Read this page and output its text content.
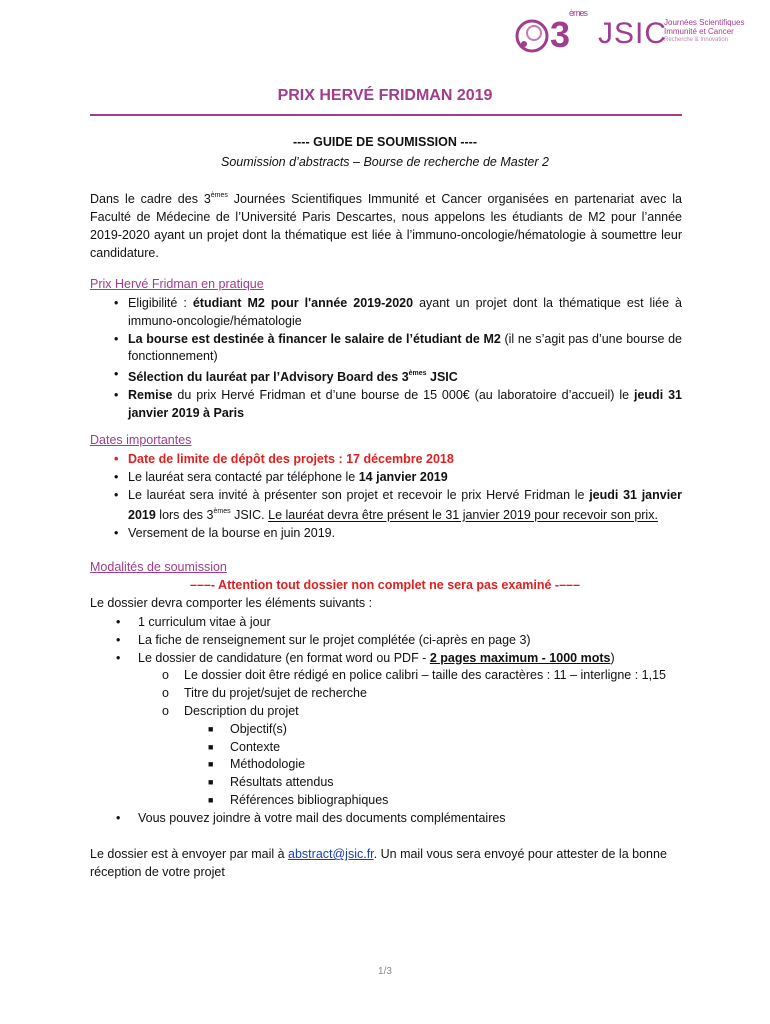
3èmes
JSIC
Journées Scientifiques
Immunité et Cancer
Recherche & Innovation
PRIX HERVÉ FRIDMAN 2019
---- GUIDE DE SOUMISSION ----
Soumission d’abstracts – Bourse de recherche de Master 2
Dans le cadre des 3èmes Journées Scientifiques Immunité et Cancer organisées en partenariat avec la Faculté de Médecine de l’Université Paris Descartes, nous appelons les étudiants de M2 pour l’année 2019-2020 ayant un projet dont la thématique est liée à l’immuno-oncologie/hématologie à soumettre leur candidature.
Prix Hervé Fridman en pratique
• Eligibilité : étudiant M2 pour l'année 2019-2020 ayant un projet dont la thématique est liée à immuno-oncologie/hématologie
• La bourse est destinée à financer le salaire de l’étudiant de M2 (il ne s’agit pas d’une bourse de fonctionnement)
• Sélection du lauréat par l’Advisory Board des 3èmes JSIC
• Remise du prix Hervé Fridman et d’une bourse de 15 000€ (au laboratoire d’accueil) le jeudi 31 janvier 2019 à Paris
Dates importantes
• Date de limite de dépôt des projets : 17 décembre 2018
• Le lauréat sera contacté par téléphone le 14 janvier 2019
• Le lauréat sera invité à présenter son projet et recevoir le prix Hervé Fridman le jeudi 31 janvier 2019 lors des 3èmes JSIC. Le lauréat devra être présent le 31 janvier 2019 pour recevoir son prix.
• Versement de la bourse en juin 2019.
Modalités de soumission
–––- Attention tout dossier non complet ne sera pas examiné -–––
Le dossier devra comporter les éléments suivants :
• 1 curriculum vitae à jour
• La fiche de renseignement sur le projet complétée (ci-après en page 3)
• Le dossier de candidature (en format word ou PDF - 2 pages maximum - 1000 mots)
o Le dossier doit être rédigé en police calibri – taille des caractères : 11 – interligne : 1,15
o Titre du projet/sujet de recherche
o Description du projet
■ Objectif(s)
■ Contexte
■ Méthodologie
■ Résultats attendus
■ Références bibliographiques
• Vous pouvez joindre à votre mail des documents complémentaires
Le dossier est à envoyer par mail à abstract@jsic.fr. Un mail vous sera envoyé pour attester de la bonne réception de votre projet
1/3
